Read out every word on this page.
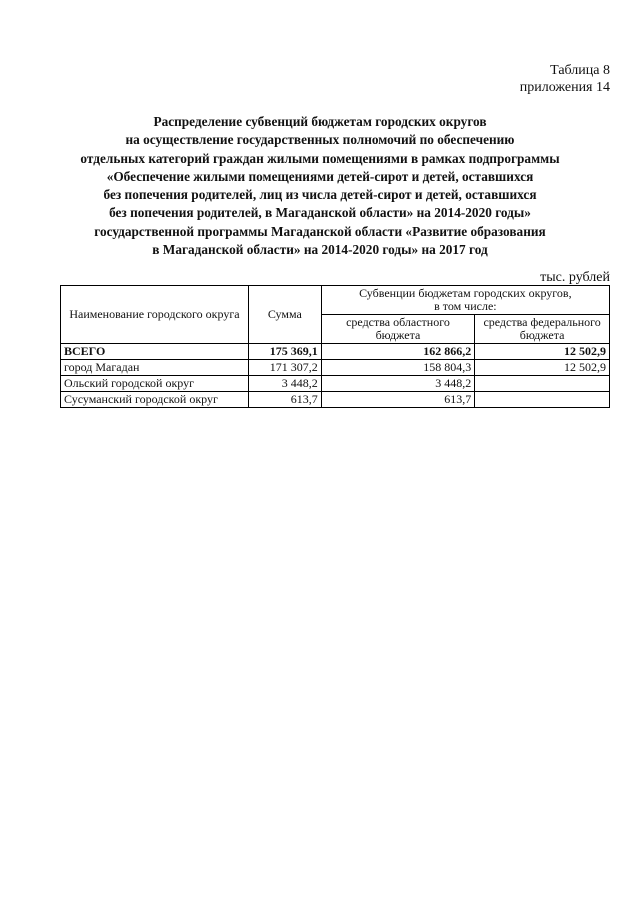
Таблица 8
приложения 14
Распределение субвенций бюджетам городских округов
на осуществление государственных полномочий по обеспечению
отдельных категорий граждан жилыми помещениями в рамках подпрограммы
«Обеспечение жилыми помещениями детей-сирот и детей, оставшихся
без попечения родителей, лиц из числа детей-сирот и детей, оставшихся
без попечения родителей, в Магаданской области» на 2014-2020 годы»
государственной программы Магаданской области «Развитие образования
в Магаданской области» на 2014-2020 годы» на 2017 год
тыс. рублей
Наименование городского округа	Сумма	Субвенции бюджетам городских округов,
в том числе:	

		средства областного бюджета	средства федерального бюджета
ВСЕГО	175 369,1	162 866,2	12 502,9
город Магадан	171 307,2	158 804,3	12 502,9
Ольский городской округ	3 448,2	3 448,2	
Сусуманский городской округ	613,7	613,7	
